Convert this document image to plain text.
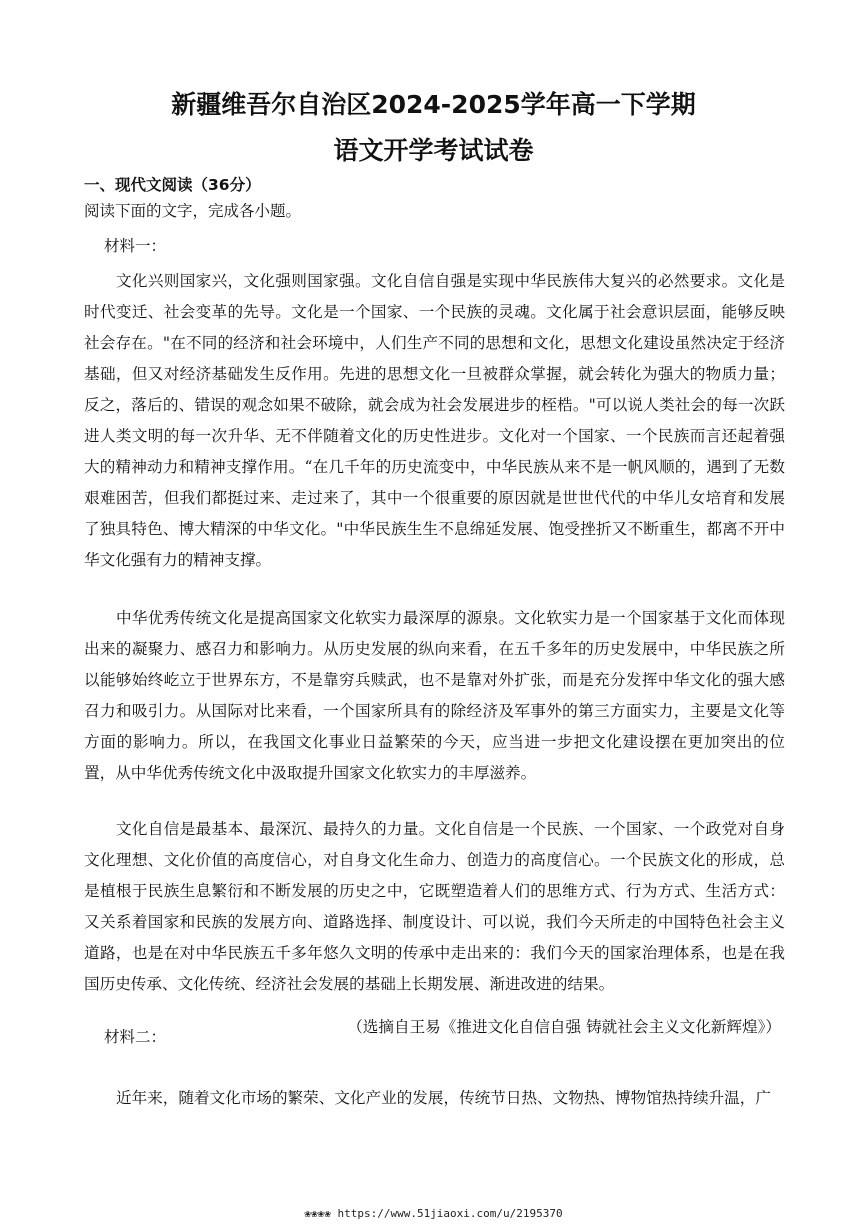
新疆维吾尔自治区2024-2025学年高一下学期
语文开学考试试卷

一、现代文阅读（36分）

阅读下面的文字，完成各小题。

材料一：

文化兴则国家兴，文化强则国家强。文化自信自强是实现中华民族伟大复兴的必然要求。文化是时代变迁、社会变革的先导。文化是一个国家、一个民族的灵魂。文化属于社会意识层面，能够反映社会存在。"在不同的经济和社会环境中，人们生产不同的思想和文化，思想文化建设虽然决定于经济基础，但又对经济基础发生反作用。先进的思想文化一旦被群众掌握，就会转化为强大的物质力量；反之，落后的、错误的观念如果不破除，就会成为社会发展进步的桎梏。"可以说人类社会的每一次跃进人类文明的每一次升华、无不伴随着文化的历史性进步。文化对一个国家、一个民族而言还起着强大的精神动力和精神支撑作用。“在几千年的历史流变中，中华民族从来不是一帆风顺的，遇到了无数艰难困苦，但我们都挺过来、走过来了，其中一个很重要的原因就是世世代代的中华儿女培育和发展了独具特色、博大精深的中华文化。"中华民族生生不息绵延发展、饱受挫折又不断重生，都离不开中华文化强有力的精神支撑。

中华优秀传统文化是提高国家文化软实力最深厚的源泉。文化软实力是一个国家基于文化而体现出来的凝聚力、感召力和影响力。从历史发展的纵向来看，在五千多年的历史发展中，中华民族之所以能够始终屹立于世界东方，不是靠穷兵赎武，也不是靠对外扩张，而是充分发挥中华文化的强大感召力和吸引力。从国际对比来看，一个国家所具有的除经济及军事外的第三方面实力，主要是文化等方面的影响力。所以，在我国文化事业日益繁荣的今天，应当进一步把文化建设摆在更加突出的位置，从中华优秀传统文化中汲取提升国家文化软实力的丰厚滋养。

文化自信是最基本、最深沉、最持久的力量。文化自信是一个民族、一个国家、一个政党对自身文化理想、文化价值的高度信心，对自身文化生命力、创造力的高度信心。一个民族文化的形成，总是植根于民族生息繁衍和不断发展的历史之中，它既塑造着人们的思维方式、行为方式、生活方式：又关系着国家和民族的发展方向、道路选择、制度设计、可以说，我们今天所走的中国特色社会主义道路，也是在对中华民族五千多年悠久文明的传承中走出来的：我们今天的国家治理体系，也是在我国历史传承、文化传统、经济社会发展的基础上长期发展、渐进改进的结果。

（选摘自王易《推进文化自信自强 铸就社会主义文化新辉煌》）

材料二：

近年来，随着文化市场的繁荣、文化产业的发展，传统节日热、文物热、博物馆热持续升温，广

❀❀❀❀ https://www.51jiaoxi.com/u/2195370
